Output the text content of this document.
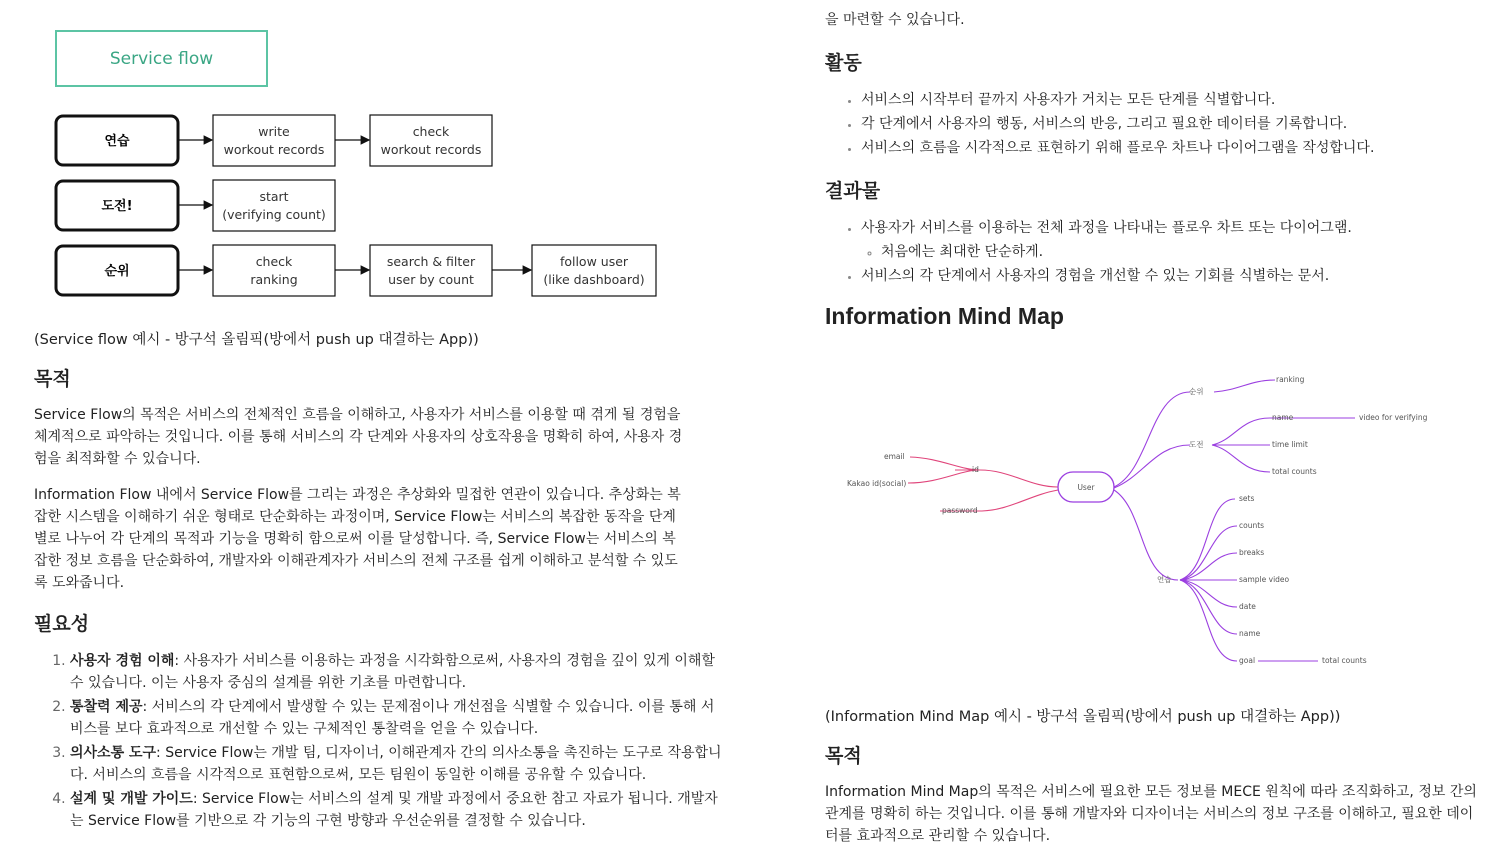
Service flow
연습
write
workout records
check
workout records
도전!
start
(verifying count)
순위
check
ranking
search & filter
user by count
follow user
(like dashboard)
(Service flow 예시 - 방구석 올림픽(방에서 push up 대결하는 App))
목적

Service Flow의 목적은 서비스의 전체적인 흐름을 이해하고, 사용자가 서비스를 이용할 때 겪게 될 경험을 체계적으로 파악하는 것입니다. 이를 통해 서비스의 각 단계와 사용자의 상호작용을 명확히 하여, 사용자 경험을 최적화할 수 있습니다.

Information Flow 내에서 Service Flow를 그리는 과정은 추상화와 밀접한 연관이 있습니다. 추상화는 복잡한 시스템을 이해하기 쉬운 형태로 단순화하는 과정이며, Service Flow는 서비스의 복잡한 동작을 단계별로 나누어 각 단계의 목적과 기능을 명확히 함으로써 이를 달성합니다. 즉, Service Flow는 서비스의 복잡한 정보 흐름을 단순화하여, 개발자와 이해관계자가 서비스의 전체 구조를 쉽게 이해하고 분석할 수 있도록 도와줍니다.

필요성
1. 사용자 경험 이해: 사용자가 서비스를 이용하는 과정을 시각화함으로써, 사용자의 경험을 깊이 있게 이해할 수 있습니다. 이는 사용자 중심의 설계를 위한 기초를 마련합니다.
2. 통찰력 제공: 서비스의 각 단계에서 발생할 수 있는 문제점이나 개선점을 식별할 수 있습니다. 이를 통해 서비스를 보다 효과적으로 개선할 수 있는 구체적인 통찰력을 얻을 수 있습니다.
3. 의사소통 도구: Service Flow는 개발 팀, 디자이너, 이해관계자 간의 의사소통을 촉진하는 도구로 작용합니다. 서비스의 흐름을 시각적으로 표현함으로써, 모든 팀원이 동일한 이해를 공유할 수 있습니다.
4. 설계 및 개발 가이드: Service Flow는 서비스의 설계 및 개발 과정에서 중요한 참고 자료가 됩니다. 개발자는 Service Flow를 기반으로 각 기능의 구현 방향과 우선순위를 결정할 수 있습니다.

을 마련할 수 있습니다.

활동
• 서비스의 시작부터 끝까지 사용자가 거치는 모든 단계를 식별합니다.
• 각 단계에서 사용자의 행동, 서비스의 반응, 그리고 필요한 데이터를 기록합니다.
• 서비스의 흐름을 시각적으로 표현하기 위해 플로우 차트나 다이어그램을 작성합니다.
결과물
• 사용자가 서비스를 이용하는 전체 과정을 나타내는 플로우 차트 또는 다이어그램.
◦ 처음에는 최대한 단순하게.
• 서비스의 각 단계에서 사용자의 경험을 개선할 수 있는 기회를 식별하는 문서.
Information Mind Map
User
id
email
Kakao id(social)
password
순위
ranking
도전
name	video for verifying
time limit
total counts
연습
sets
counts
breaks
sample video
date
name
goal	total counts
(Information Mind Map 예시 - 방구석 올림픽(방에서 push up 대결하는 App))
목적

Information Mind Map의 목적은 서비스에 필요한 모든 정보를 MECE 원칙에 따라 조직화하고, 정보 간의 관계를 명확히 하는 것입니다. 이를 통해 개발자와 디자이너는 서비스의 정보 구조를 이해하고, 필요한 데이터를 효과적으로 관리할 수 있습니다.
